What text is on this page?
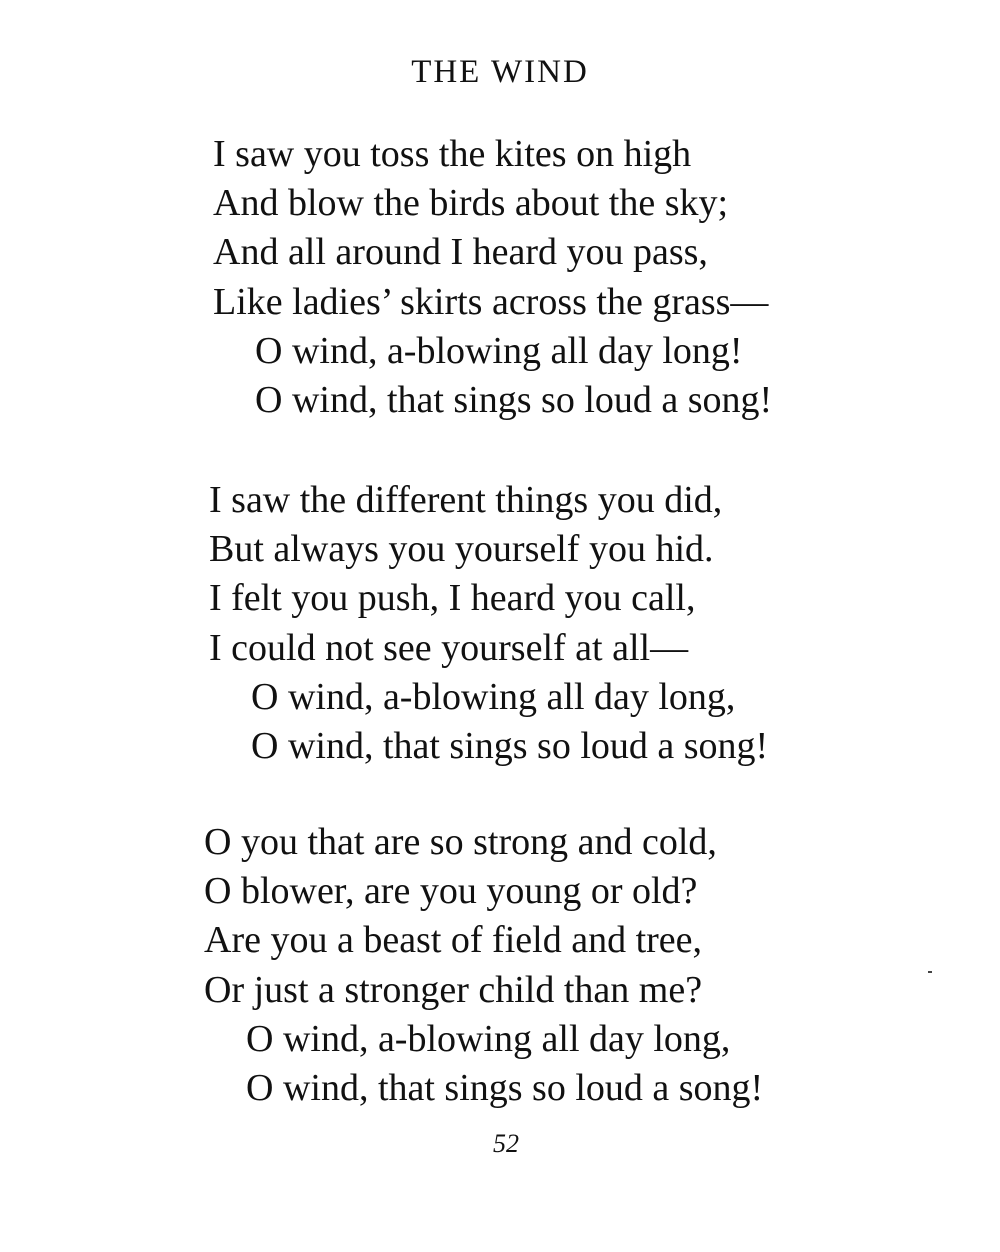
THE WIND
I saw you toss the kites on high
And blow the birds about the sky;
And all around I heard you pass,
Like ladies’ skirts across the grass—
O wind, a-blowing all day long!
O wind, that sings so loud a song!
I saw the different things you did,
But always you yourself you hid.
I felt you push, I heard you call,
I could not see yourself at all—
O wind, a-blowing all day long,
O wind, that sings so loud a song!
O you that are so strong and cold,
O blower, are you young or old?
Are you a beast of field and tree,
Or just a stronger child than me?
O wind, a-blowing all day long,
O wind, that sings so loud a song!
52
